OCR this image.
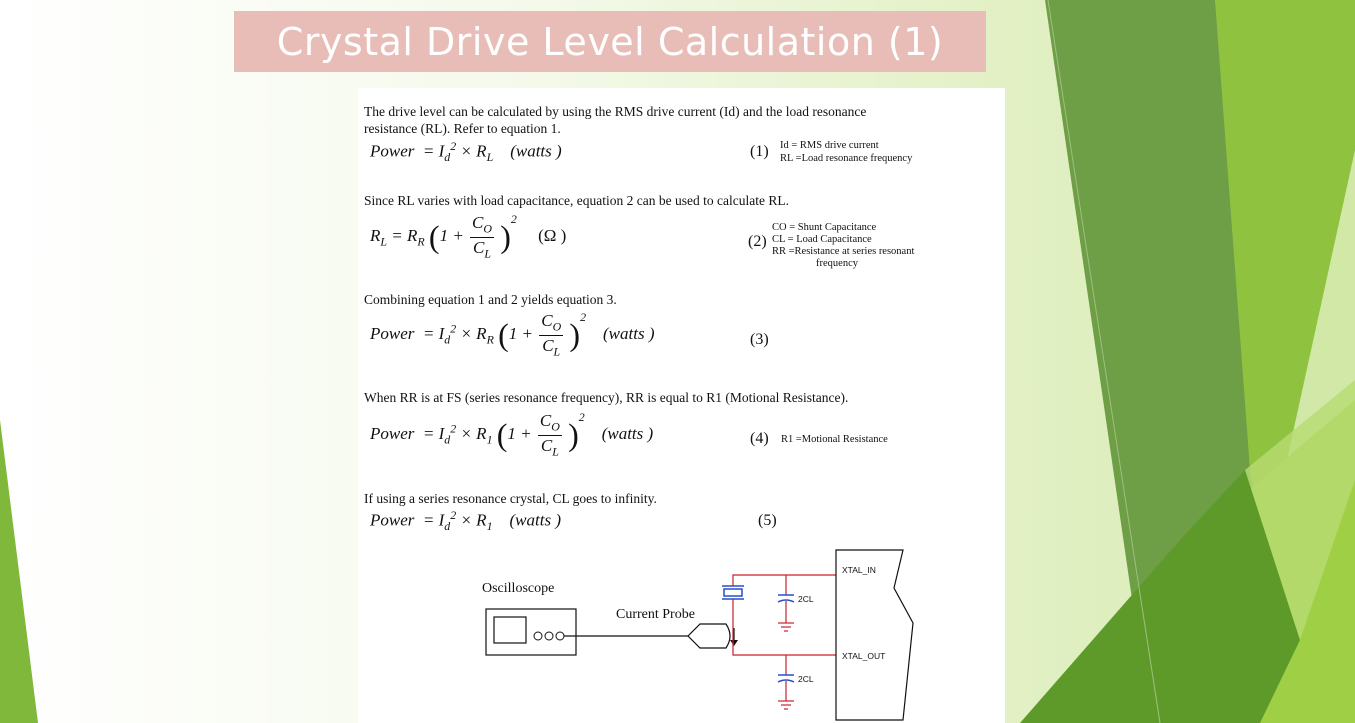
Crystal Drive Level Calculation (1)
The drive level can be calculated by using the RMS drive current (Id) and the load resonance
resistance (RL). Refer to equation 1.
Power  = $I_d^2 \times R_L$ (watts )	(1) Id = RMS drive current
RL =Load resonance frequency
Since RL varies with load capacitance, equation 2 can be used to calculate RL.
$R_L = R_R$ $(1 + \frac{C_O}{C_L} )^2$     (Ω )	(2)
CO = Shunt Capacitance
CL = Load Capacitance
RR =Resistance at series resonant
frequency
Combining equation 1 and 2 yields equation 3.
Power  = $I_d^2 \times R_R$ $(1 + \frac{C_O}{C_L} )^2$    (watts )	(3)
When RR is at FS (series resonance frequency), RR is equal to R1 (Motional Resistance).
Power  = $I_d^2 \times R_1$ $(1 + \frac{C_O}{C_L} )^2$    (watts )	(4) R1 =Motional Resistance
If using a series resonance crystal, CL goes to infinity.
Power  = $I_d^2 \times R_1$ (watts )	(5)
Oscilloscope
Current Probe
XTAL_IN
XTAL_OUT
2CL
2CL
